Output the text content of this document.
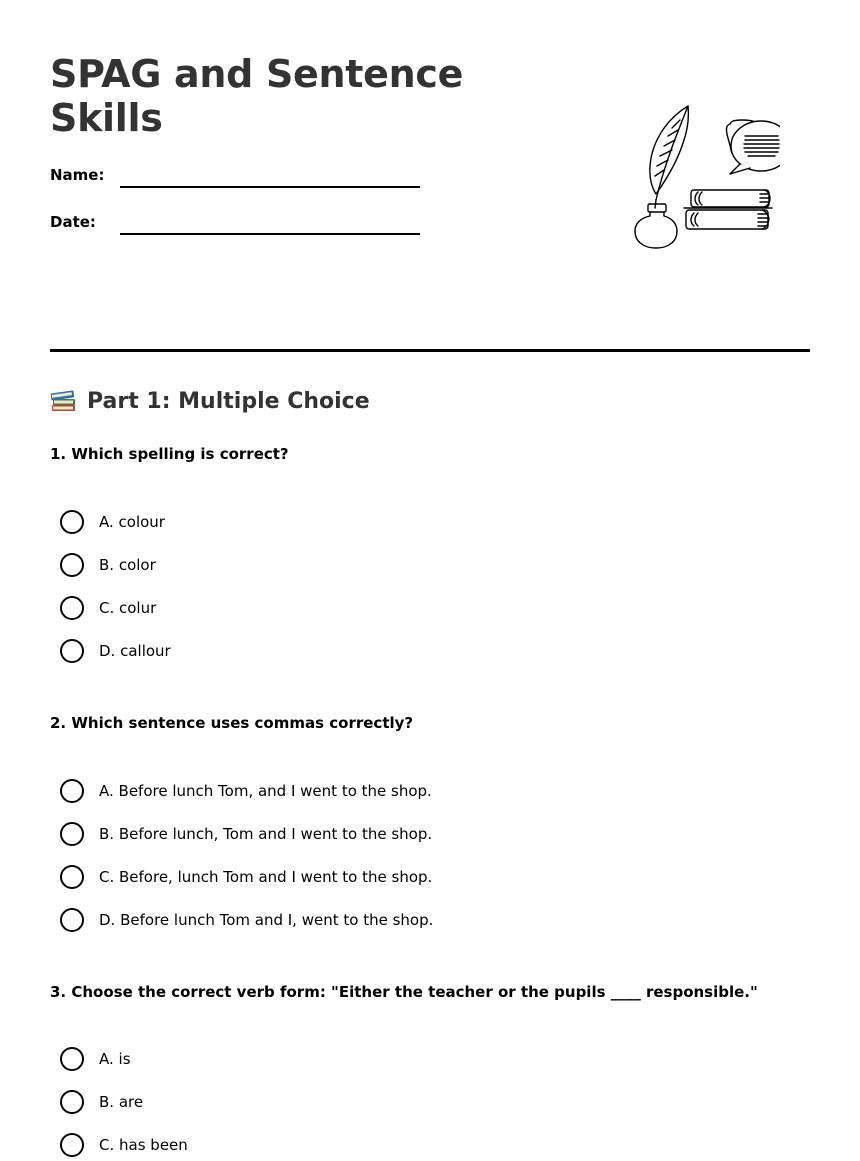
SPAG and Sentence Skills
Name:
Date:
Part 1: Multiple Choice

1. Which spelling is correct?

A. colour
B. color
C. colur
D. callour

2. Which sentence uses commas correctly?

A. Before lunch Tom, and I went to the shop.
B. Before lunch, Tom and I went to the shop.
C. Before, lunch Tom and I went to the shop.
D. Before lunch Tom and I, went to the shop.

3. Choose the correct verb form: "Either the teacher or the pupils ____ responsible."

A. is
B. are
C. has been
